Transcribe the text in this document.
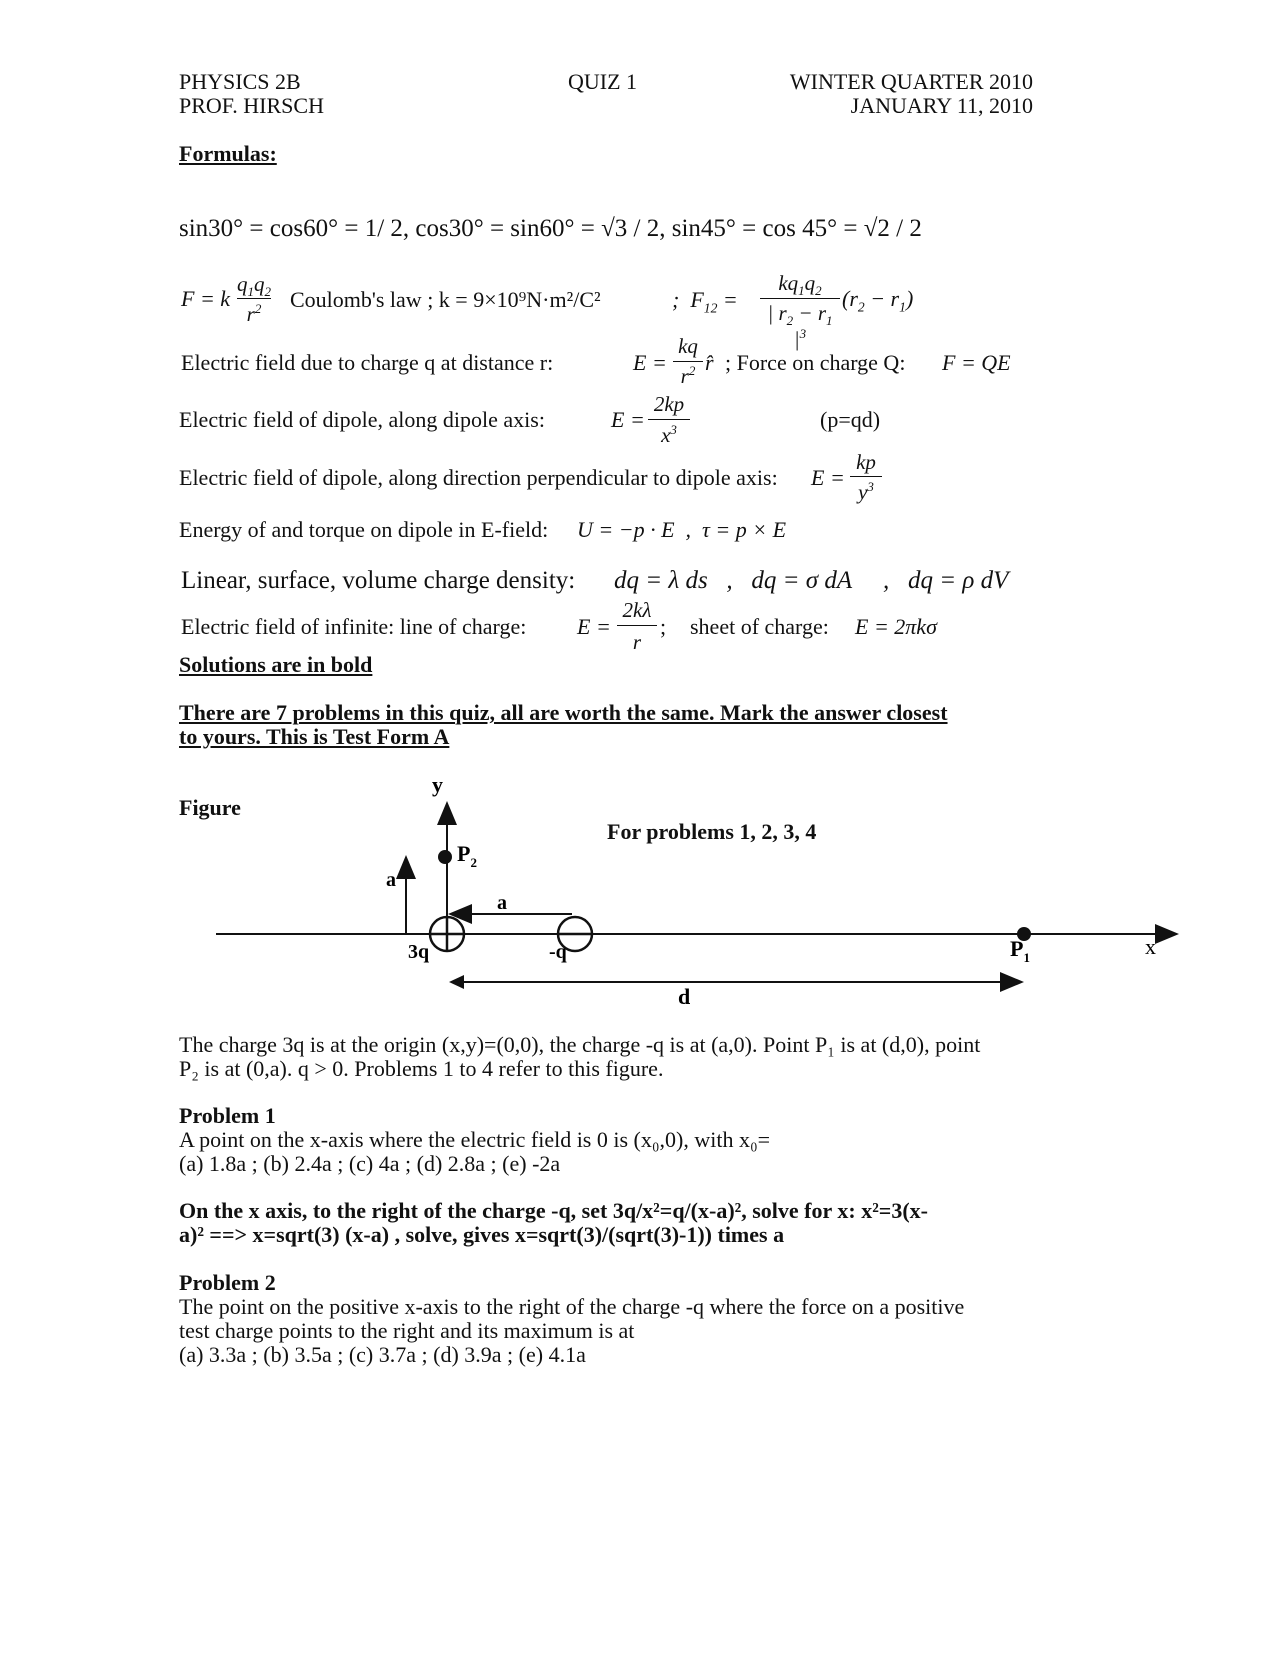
PHYSICS 2B
PROF. HIRSCH
QUIZ 1	WINTER QUARTER 2010
JANUARY 11, 2010
Formulas:
sin30° = cos60° = 1/ 2, cos30° = sin60° = √3 / 2, sin45° = cos 45° = √2 / 2
F = k
$q_1q_2$
$r^2$	Coulomb's law ; k = 9×10⁹N·m²/C²	;  $F_{12}$ =
$kq_1q_2$
| $r_2 - r_1$ $|^3$
$(r_2 - r_1)$
Electric field due to charge q at distance r:	E =
kq
$r^2$ r̂ ; Force on charge Q: F = QE
Electric field of dipole, along dipole axis:	E =
2kp
$x^3$	(p=qd)
Electric field of dipole, along direction perpendicular to dipole axis: E =
kp
$y^3$
Energy of and torque on dipole in E-field: U = −p · E  ,  τ = p × E
Linear, surface, volume charge density: dq = λ ds   ,   dq = σ dA     ,   dq = ρ dV
Electric field of infinite: line of charge: E =
2kλ
r
; sheet of charge: E = 2πkσ
Solutions are in bold
There are 7 problems in this quiz, all are worth the same. Mark the answer closest
to yours. This is Test Form A
Figure
For problems 1, 2, 3, 4
x
y
a
a
d
3q	-q
$P_2$
$P_1$
The charge 3q is at the origin (x,y)=(0,0), the charge -q is at (a,0). Point P₁ is at (d,0), point
P₂ is at (0,a). q > 0. Problems 1 to 4 refer to this figure.
Problem 1
A point on the x-axis where the electric field is 0 is (x₀,0), with x₀=
(a) 1.8a ; (b) 2.4a ; (c) 4a ; (d) 2.8a ; (e) -2a
On the x axis, to the right of the charge -q, set 3q/x²=q/(x-a)², solve for x: x²=3(x-
a)² ==> x=sqrt(3) (x-a) , solve, gives x=sqrt(3)/(sqrt(3)-1)) times a
Problem 2
The point on the positive x-axis to the right of the charge -q where the force on a positive
test charge points to the right and its maximum is at
(a) 3.3a ; (b) 3.5a ; (c) 3.7a ; (d) 3.9a ; (e) 4.1a
